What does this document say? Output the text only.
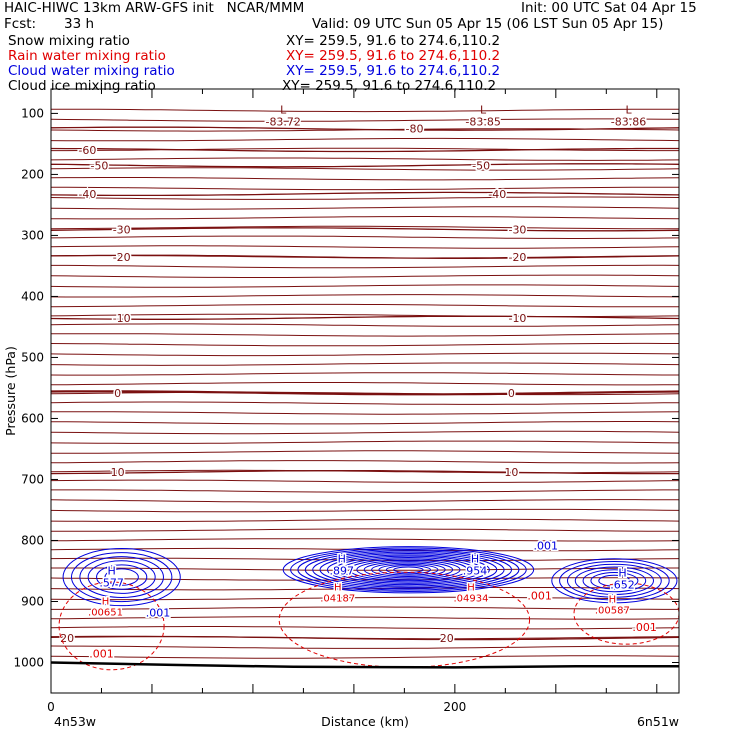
HAIC-HIWC 13km ARW-GFS init   NCAR/MMM	Init: 00 UTC Sat 04 Apr 15
Fcst: 33 h	Valid: 09 UTC Sun 05 Apr 15 (06 LST Sun 05 Apr 15)
Snow mixing ratio	XY= 259.5, 91.6 to 274.6,110.2
Rain water mixing ratio	XY= 259.5, 91.6 to 274.6,110.2
Cloud water mixing ratio	XY= 259.5, 91.6 to 274.6,110.2
Cloud ice mixing ratio	XY= 259.5, 91.6 to 274.6,110.2
-80
-60
-50	-50
-40	-40
-30	-30
-20	-20
-10	-10
0	0
10	10
20	20
L
-83.72
L
-83.85
L
-83.86
H
.577
H
.897
H
.954	H
.652
H
.00651
H
.04187
H
.04934	H
.00587
.001
.001
.001
.001
.001
100
200
300
400
500
600
700
800
900
1000
0	200
Distance (km)
Pressure (hPa)
4n53w	6n51w
